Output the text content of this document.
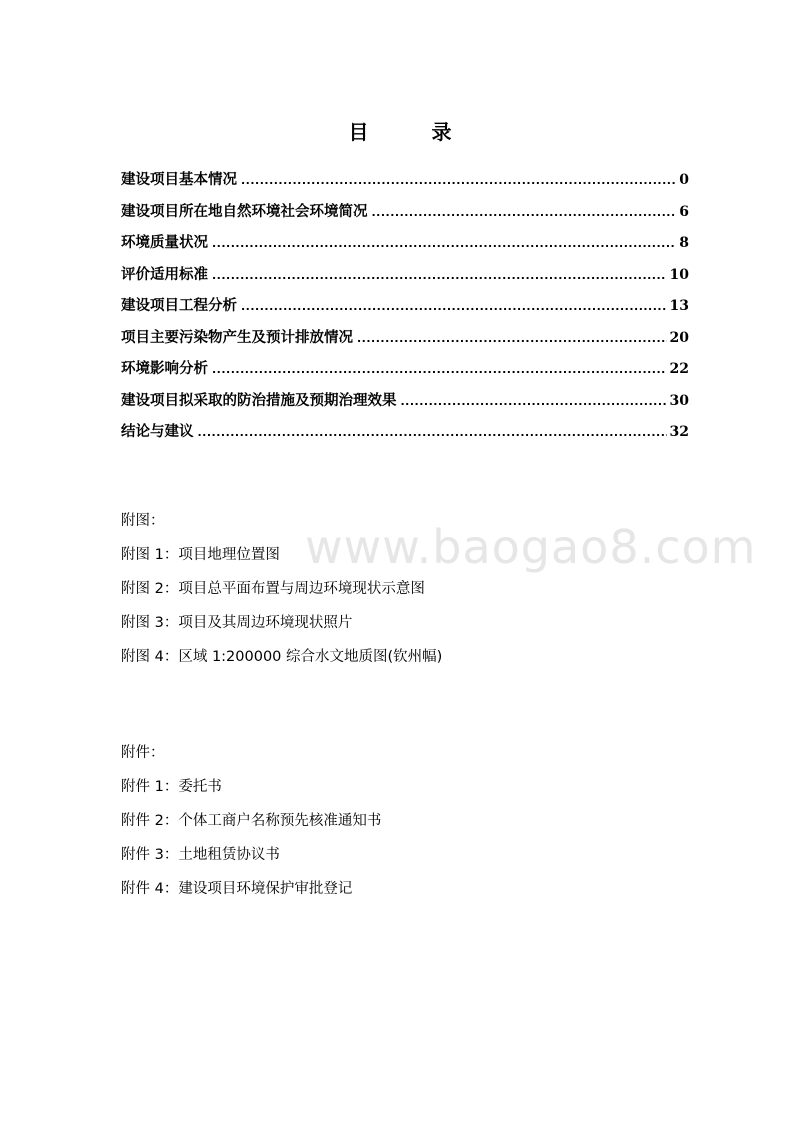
目 录
建设项目基本情况 .....	0
建设项目所在地自然环境社会环境简况 .....	6
环境质量状况 .....	8
评价适用标准 .....	10
建设项目工程分析 .....	13
项目主要污染物产生及预计排放情况 .....	20
环境影响分析 .....	22
建设项目拟采取的防治措施及预期治理效果 .....	30
结论与建议 .....	32
www.baogao8.com
附图：
附图 1：项目地理位置图
附图 2：项目总平面布置与周边环境现状示意图
附图 3：项目及其周边环境现状照片
附图 4：区域 1:200000 综合水文地质图(钦州幅)
附件：
附件 1：委托书
附件 2：个体工商户名称预先核准通知书
附件 3：土地租赁协议书
附件 4：建设项目环境保护审批登记
